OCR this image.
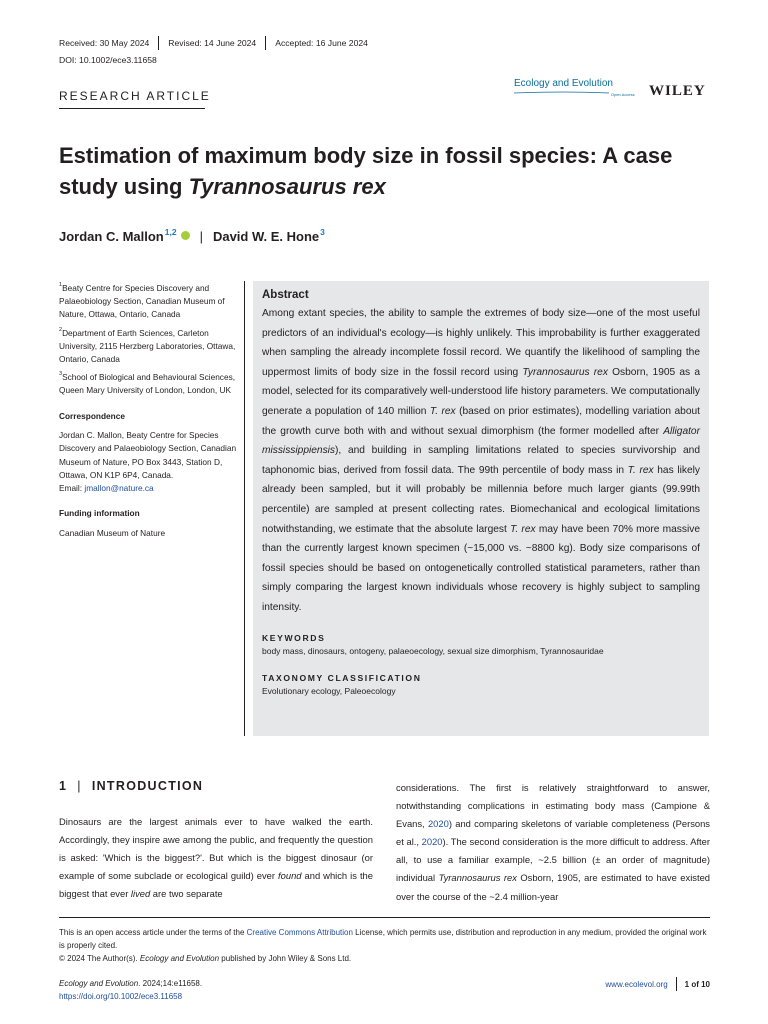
Received: 30 May 2024 Revised: 14 June 2024 Accepted: 16 June 2024
DOI: 10.1002/ece3.11658
RESEARCH ARTICLE
Ecology and Evolution
Open Access WILEY
Estimation of maximum body size in fossil species: A case study using Tyrannosaurus rex
Jordan C. Mallon$^{1,2}$ | David W. E. Hone$^3$
$^1$Beaty Centre for Species Discovery and Palaeobiology Section, Canadian Museum of Nature, Ottawa, Ontario, Canada
$^2$Department of Earth Sciences, Carleton University, 2115 Herzberg Laboratories, Ottawa, Ontario, Canada
$^3$School of Biological and Behavioural Sciences, Queen Mary University of London, London, UK
Correspondence
Jordan C. Mallon, Beaty Centre for Species Discovery and Palaeobiology Section, Canadian Museum of Nature, PO Box 3443, Station D, Ottawa, ON K1P 6P4, Canada.
Email: jmallon@nature.ca
Funding information
Canadian Museum of Nature
Abstract

Among extant species, the ability to sample the extremes of body size—one of the most useful predictors of an individual's ecology—is highly unlikely. This improbability is further exaggerated when sampling the already incomplete fossil record. We quantify the likelihood of sampling the uppermost limits of body size in the fossil record using Tyrannosaurus rex Osborn, 1905 as a model, selected for its comparatively well-understood life history parameters. We computationally generate a population of 140 million T. rex (based on prior estimates), modelling variation about the growth curve both with and without sexual dimorphism (the former modelled after Alligator mississippiensis), and building in sampling limitations related to species survivorship and taphonomic bias, derived from fossil data. The 99th percentile of body mass in T. rex has likely already been sampled, but it will probably be millennia before much larger giants (99.99th percentile) are sampled at present collecting rates. Biomechanical and ecological limitations notwithstanding, we estimate that the absolute largest T. rex may have been 70% more massive than the currently largest known specimen (~15,000 vs. ~8800 kg). Body size comparisons of fossil species should be based on ontogenetically controlled statistical parameters, rather than simply comparing the largest known individuals whose recovery is highly subject to sampling intensity.

KEYWORDS
body mass, dinosaurs, ontogeny, palaeoecology, sexual size dimorphism, Tyrannosauridae
TAXONOMY CLASSIFICATION
Evolutionary ecology, Paleoecology
1 | INTRODUCTION

Dinosaurs are the largest animals ever to have walked the earth. Accordingly, they inspire awe among the public, and frequently the question is asked: 'Which is the biggest?'. But which is the biggest dinosaur (or example of some subclade or ecological guild) ever found and which is the biggest that ever lived are two separate

considerations. The first is relatively straightforward to answer, notwithstanding complications in estimating body mass (Campione & Evans, 2020) and comparing skeletons of variable completeness (Persons et al., 2020). The second consideration is the more difficult to address. After all, to use a familiar example, ~2.5 billion (± an order of magnitude) individual Tyrannosaurus rex Osborn, 1905, are estimated to have existed over the course of the ~2.4 million-year

This is an open access article under the terms of the Creative Commons Attribution License, which permits use, distribution and reproduction in any medium, provided the original work is properly cited.
© 2024 The Author(s). Ecology and Evolution published by John Wiley & Sons Ltd.
Ecology and Evolution. 2024;14:e11658.
https://doi.org/10.1002/ece3.11658
www.ecolevol.org 1 of 10
